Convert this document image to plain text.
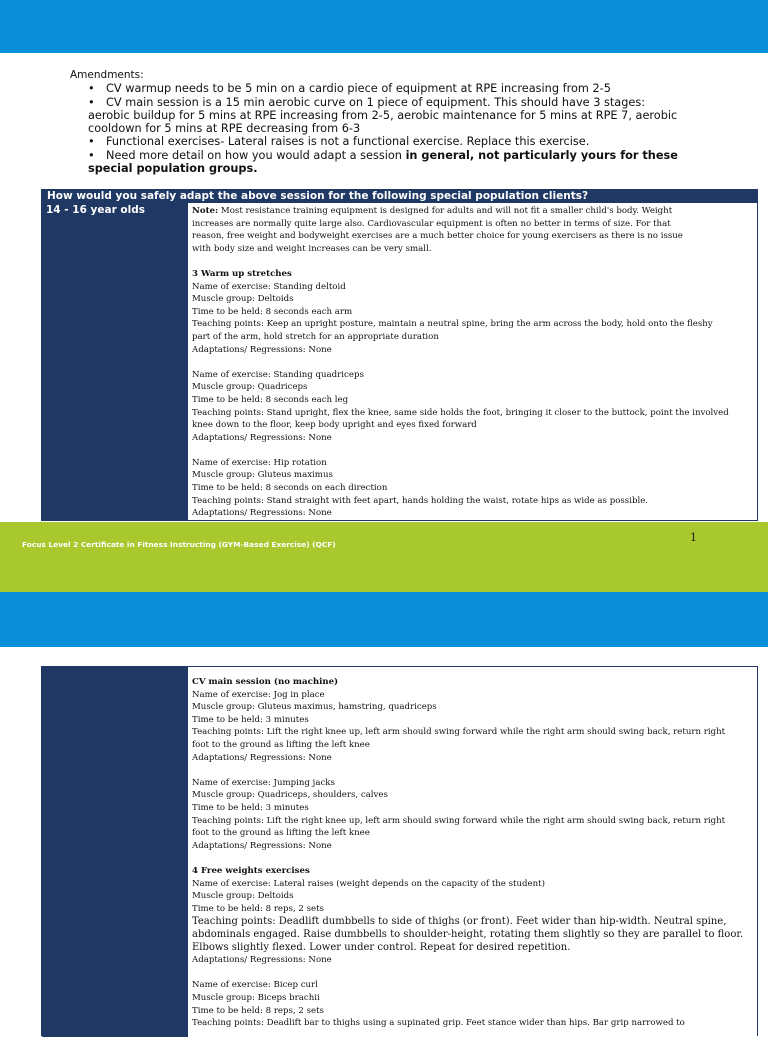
Amendments:
• CV warmup needs to be 5 min on a cardio piece of equipment at RPE increasing from 2-5
• CV main session is a 15 min aerobic curve on 1 piece of equipment. This should have 3 stages:
aerobic buildup for 5 mins at RPE increasing from 2-5, aerobic maintenance for 5 mins at RPE 7, aerobic
cooldown for 5 mins at RPE decreasing from 6-3
• Functional exercises- Lateral raises is not a functional exercise. Replace this exercise.
• Need more detail on how you would adapt a session in general, not particularly yours for these
special population groups.
How would you safely adapt the above session for the following special population clients?
14 - 16 year olds	Note: Most resistance training equipment is designed for adults and will not fit a smaller child's body. Weight
increases are normally quite large also. Cardiovascular equipment is often no better in terms of size. For that
reason, free weight and bodyweight exercises are a much better choice for young exercisers as there is no issue
with body size and weight increases can be very small.

3 Warm up stretches
Name of exercise: Standing deltoid
Muscle group: Deltoids
Time to be held: 8 seconds each arm
Teaching points: Keep an upright posture, maintain a neutral spine, bring the arm across the body, hold onto the fleshy
part of the arm, hold stretch for an appropriate duration
Adaptations/ Regressions: None
Name of exercise: Standing quadriceps
Muscle group: Quadriceps
Time to be held: 8 seconds each leg
Teaching points: Stand upright, flex the knee, same side holds the foot, bringing it closer to the buttock, point the involved
knee down to the floor, keep body upright and eyes fixed forward
Adaptations/ Regressions: None
Name of exercise: Hip rotation
Muscle group: Gluteus maximus
Time to be held: 8 seconds on each direction
Teaching points: Stand straight with feet apart, hands holding the waist, rotate hips as wide as possible.
Adaptations/ Regressions: None
Focus Level 2 Certificate in Fitness Instructing (GYM-Based Exercise) (QCF)
1
CV main session (no machine)
Name of exercise: Jog in place
Muscle group: Gluteus maximus, hamstring, quadriceps
Time to be held: 3 minutes
Teaching points: Lift the right knee up, left arm should swing forward while the right arm should swing back, return right
foot to the ground as lifting the left knee
Adaptations/ Regressions: None
Name of exercise: Jumping jacks
Muscle group: Quadriceps, shoulders, calves
Time to be held: 3 minutes
Teaching points: Lift the right knee up, left arm should swing forward while the right arm should swing back, return right
foot to the ground as lifting the left knee
Adaptations/ Regressions: None
4 Free weights exercises
Name of exercise: Lateral raises (weight depends on the capacity of the student)
Muscle group: Deltoids
Time to be held: 8 reps, 2 sets
Teaching points: Deadlift dumbbells to side of thighs (or front). Feet wider than hip-width. Neutral spine,
abdominals engaged. Raise dumbbells to shoulder-height, rotating them slightly so they are parallel to floor.
Elbows slightly flexed. Lower under control. Repeat for desired repetition.
Adaptations/ Regressions: None
Name of exercise: Bicep curl
Muscle group: Biceps brachii
Time to be held: 8 reps, 2 sets
Teaching points: Deadlift bar to thighs using a supinated grip. Feet stance wider than hips. Bar grip narrowed to
